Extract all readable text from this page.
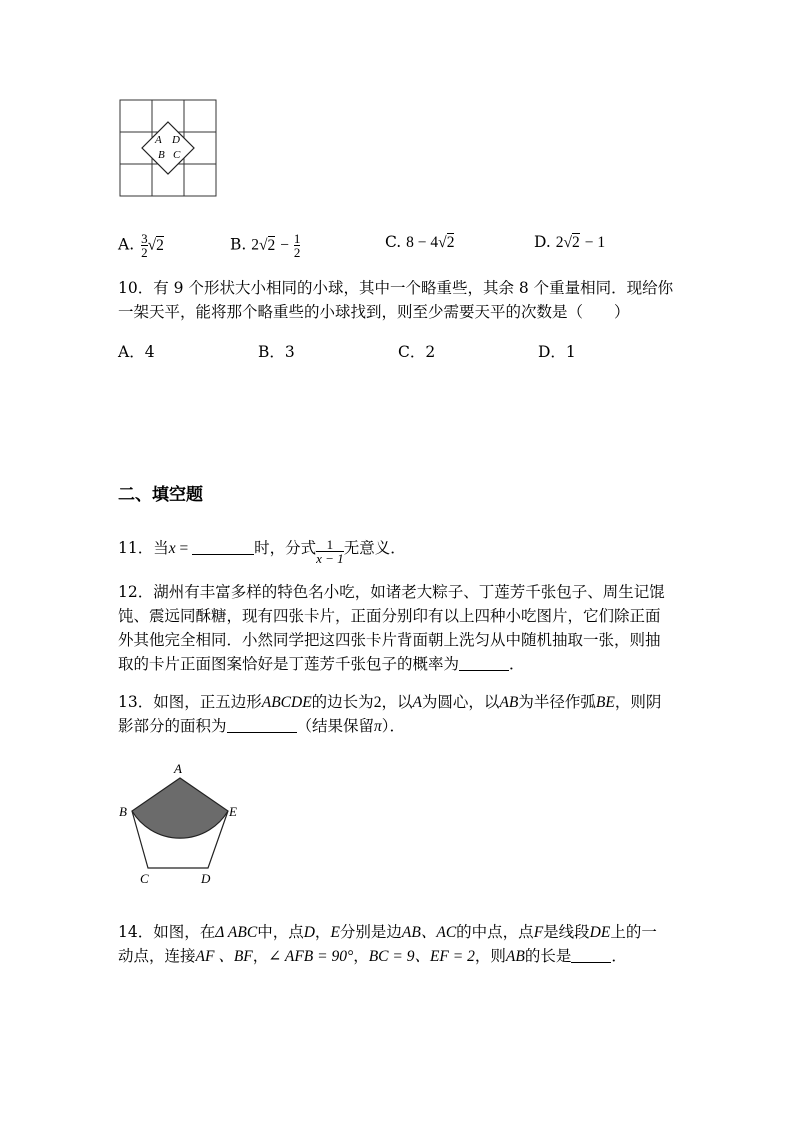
A D
B C
A. $\frac{3}{2} √2$	B. $2√2 - \frac{1}{2}$	C. 8 − 4√2	D. 2√2 − 1
10．有 9 个形状大小相同的小球，其中一个略重些，其余 8 个重量相同．现给你
一架天平，能将那个略重些的小球找到，则至少需要天平的次数是（　　）
A．4	B．3	C．2	D．1
二、填空题
11．当x =	时，分式 $\frac{1}{x - 1}$ 无意义．
12．湖州有丰富多样的特色名小吃，如诸老大粽子、丁莲芳千张包子、周生记馄
饨、震远同酥糖，现有四张卡片，正面分别印有以上四种小吃图片，它们除正面
外其他完全相同．小然同学把这四张卡片背面朝上洗匀从中随机抽取一张，则抽
取的卡片正面图案恰好是丁莲芳千张包子的概率为	．
13．如图，正五边形ABCDE的边长为2，以A为圆心，以AB为半径作弧BE，则阴
影部分的面积为	（结果保留π）．
A
B	E
C	D
14．如图，在Δ ABC中，点D，E分别是边AB、AC的中点，点F是线段DE上的一
动点，连接AF 、BF，∠ AFB = 90°，BC = 9、EF = 2，则AB的长是	．
